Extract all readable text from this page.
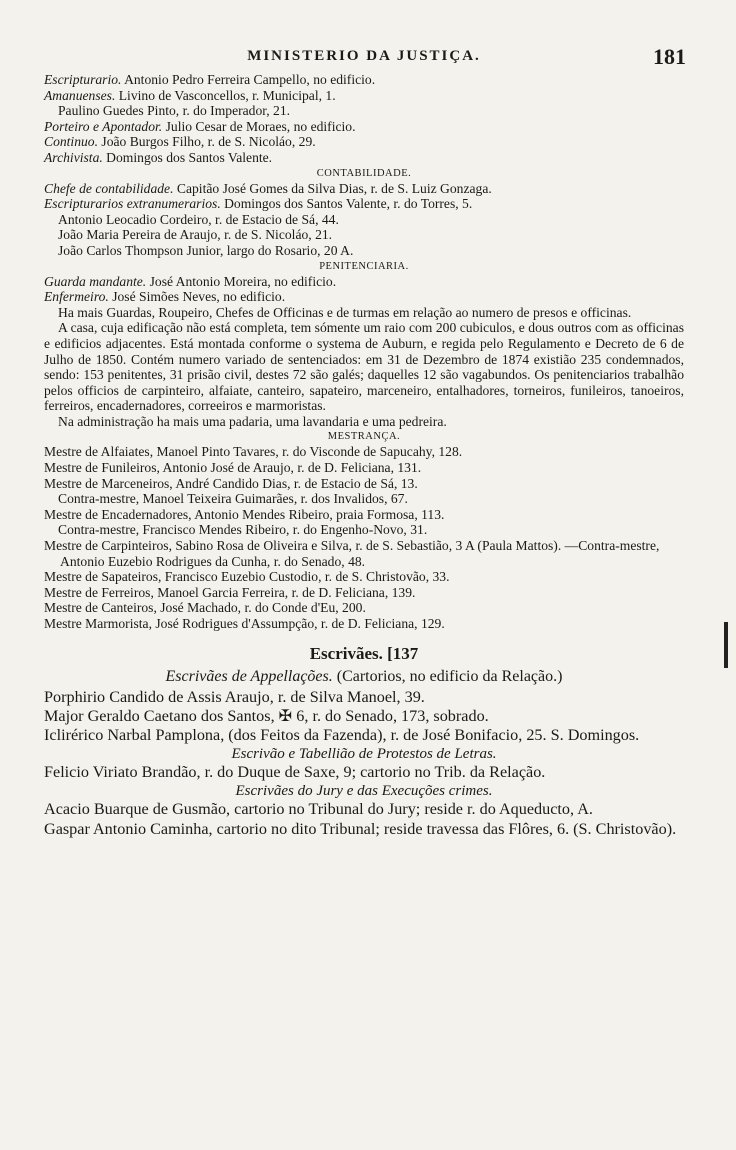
MINISTERIO DA JUSTIÇA.	181

Escripturario. Antonio Pedro Ferreira Campello, no edificio.

Amanuenses. Livino de Vasconcellos, r. Municipal, 1.

Paulino Guedes Pinto, r. do Imperador, 21.

Porteiro e Apontador. Julio Cesar de Moraes, no edificio.

Continuo. João Burgos Filho, r. de S. Nicoláo, 29.

Archivista. Domingos dos Santos Valente.

CONTABILIDADE.

Chefe de contabilidade. Capitão José Gomes da Silva Dias, r. de S. Luiz Gonzaga.

Escripturarios extranumerarios. Domingos dos Santos Valente, r. do Torres, 5.

Antonio Leocadio Cordeiro, r. de Estacio de Sá, 44.

João Maria Pereira de Araujo, r. de S. Nicoláo, 21.

João Carlos Thompson Junior, largo do Rosario, 20 A.

PENITENCIARIA.

Guarda mandante. José Antonio Moreira, no edificio.

Enfermeiro. José Simões Neves, no edificio.

Ha mais Guardas, Roupeiro, Chefes de Officinas e de turmas em relação ao numero de presos e officinas.

A casa, cuja edificação não está completa, tem sómente um raio com 200 cubiculos, e dous outros com as officinas e edificios adjacentes. Está montada conforme o systema de Auburn, e regida pelo Regulamento e Decreto de 6 de Julho de 1850. Contém numero variado de sentenciados: em 31 de Dezembro de 1874 existião 235 condemnados, sendo: 153 penitentes, 31 prisão civil, destes 72 são galés; daquelles 12 são vagabundos. Os penitenciarios trabalhão pelos officios de carpinteiro, alfaiate, canteiro, sapateiro, marceneiro, entalhadores, torneiros, funileiros, tanoeiros, ferreiros, encadernadores, correeiros e marmoristas.

Na administração ha mais uma padaria, uma lavandaria e uma pedreira.

MESTRANÇA.

Mestre de Alfaiates, Manoel Pinto Tavares, r. do Visconde de Sapucahy, 128.

Mestre de Funileiros, Antonio José de Araujo, r. de D. Feliciana, 131.

Mestre de Marceneiros, André Candido Dias, r. de Estacio de Sá, 13.

Contra-mestre, Manoel Teixeira Guimarães, r. dos Invalidos, 67.

Mestre de Encadernadores, Antonio Mendes Ribeiro, praia Formosa, 113.

Contra-mestre, Francisco Mendes Ribeiro, r. do Engenho-Novo, 31.

Mestre de Carpinteiros, Sabino Rosa de Oliveira e Silva, r. de S. Sebastião, 3 A (Paula Mattos). —Contra-mestre, Antonio Euzebio Rodrigues da Cunha, r. do Senado, 48.

Mestre de Sapateiros, Francisco Euzebio Custodio, r. de S. Christovão, 33.

Mestre de Ferreiros, Manoel Garcia Ferreira, r. de D. Feliciana, 139.

Mestre de Canteiros, José Machado, r. do Conde d'Eu, 200.

Mestre Marmorista, José Rodrigues d'Assumpção, r. de D. Feliciana, 129.

Escrivães. [137

Escrivães de Appellações. (Cartorios, no edificio da Relação.)

Porphirio Candido de Assis Araujo, r. de Silva Manoel, 39.

Major Geraldo Caetano dos Santos, ✠ 6, r. do Senado, 173, sobrado.

Iclirérico Narbal Pamplona, (dos Feitos da Fazenda), r. de José Bonifacio, 25. S. Domingos.

Escrivão e Tabellião de Protestos de Letras.

Felicio Viriato Brandão, r. do Duque de Saxe, 9; cartorio no Trib. da Relação.

Escrivães do Jury e das Execuções crimes.

Acacio Buarque de Gusmão, cartorio no Tribunal do Jury; reside r. do Aqueducto, A.

Gaspar Antonio Caminha, cartorio no dito Tribunal; reside travessa das Flôres, 6. (S. Christovão).
